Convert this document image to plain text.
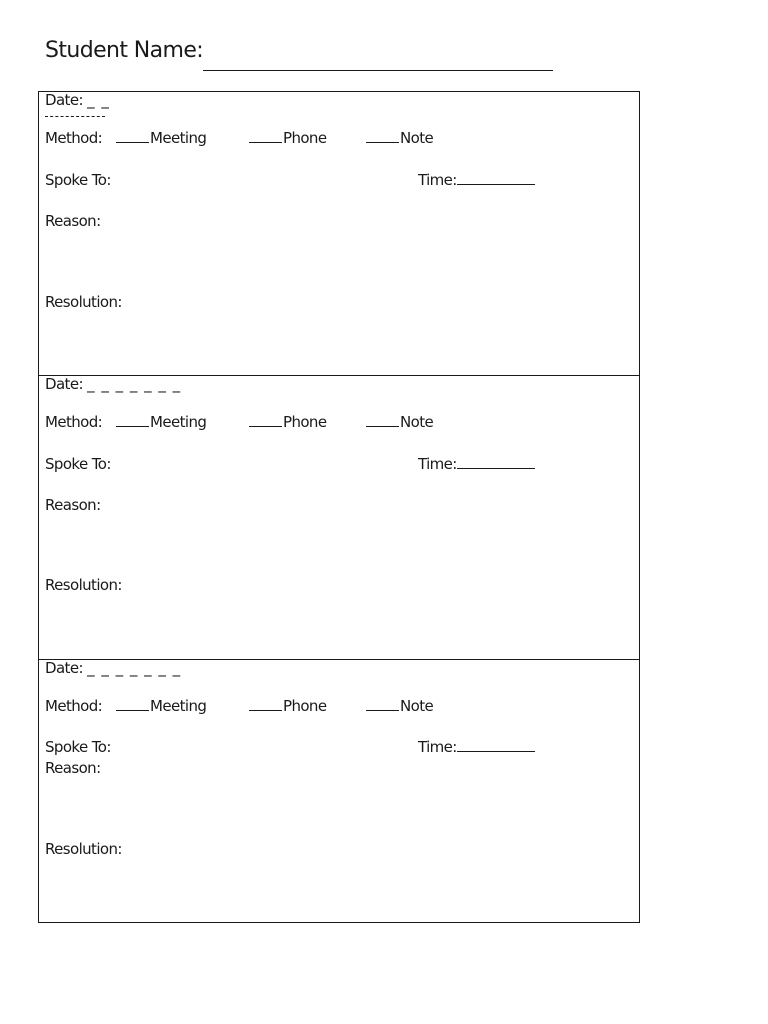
Student Name:
Date: _ _
Method:	Meeting	Phone	Note
Spoke To:	Time:
Reason:
Resolution:
Date: _ _ _ _ _ _ _
Method:	Meeting	Phone	Note
Spoke To:	Time:
Reason:
Resolution:
Date: _ _ _ _ _ _ _
Method:	Meeting	Phone	Note
Spoke To:	Time:
Reason:
Resolution:
